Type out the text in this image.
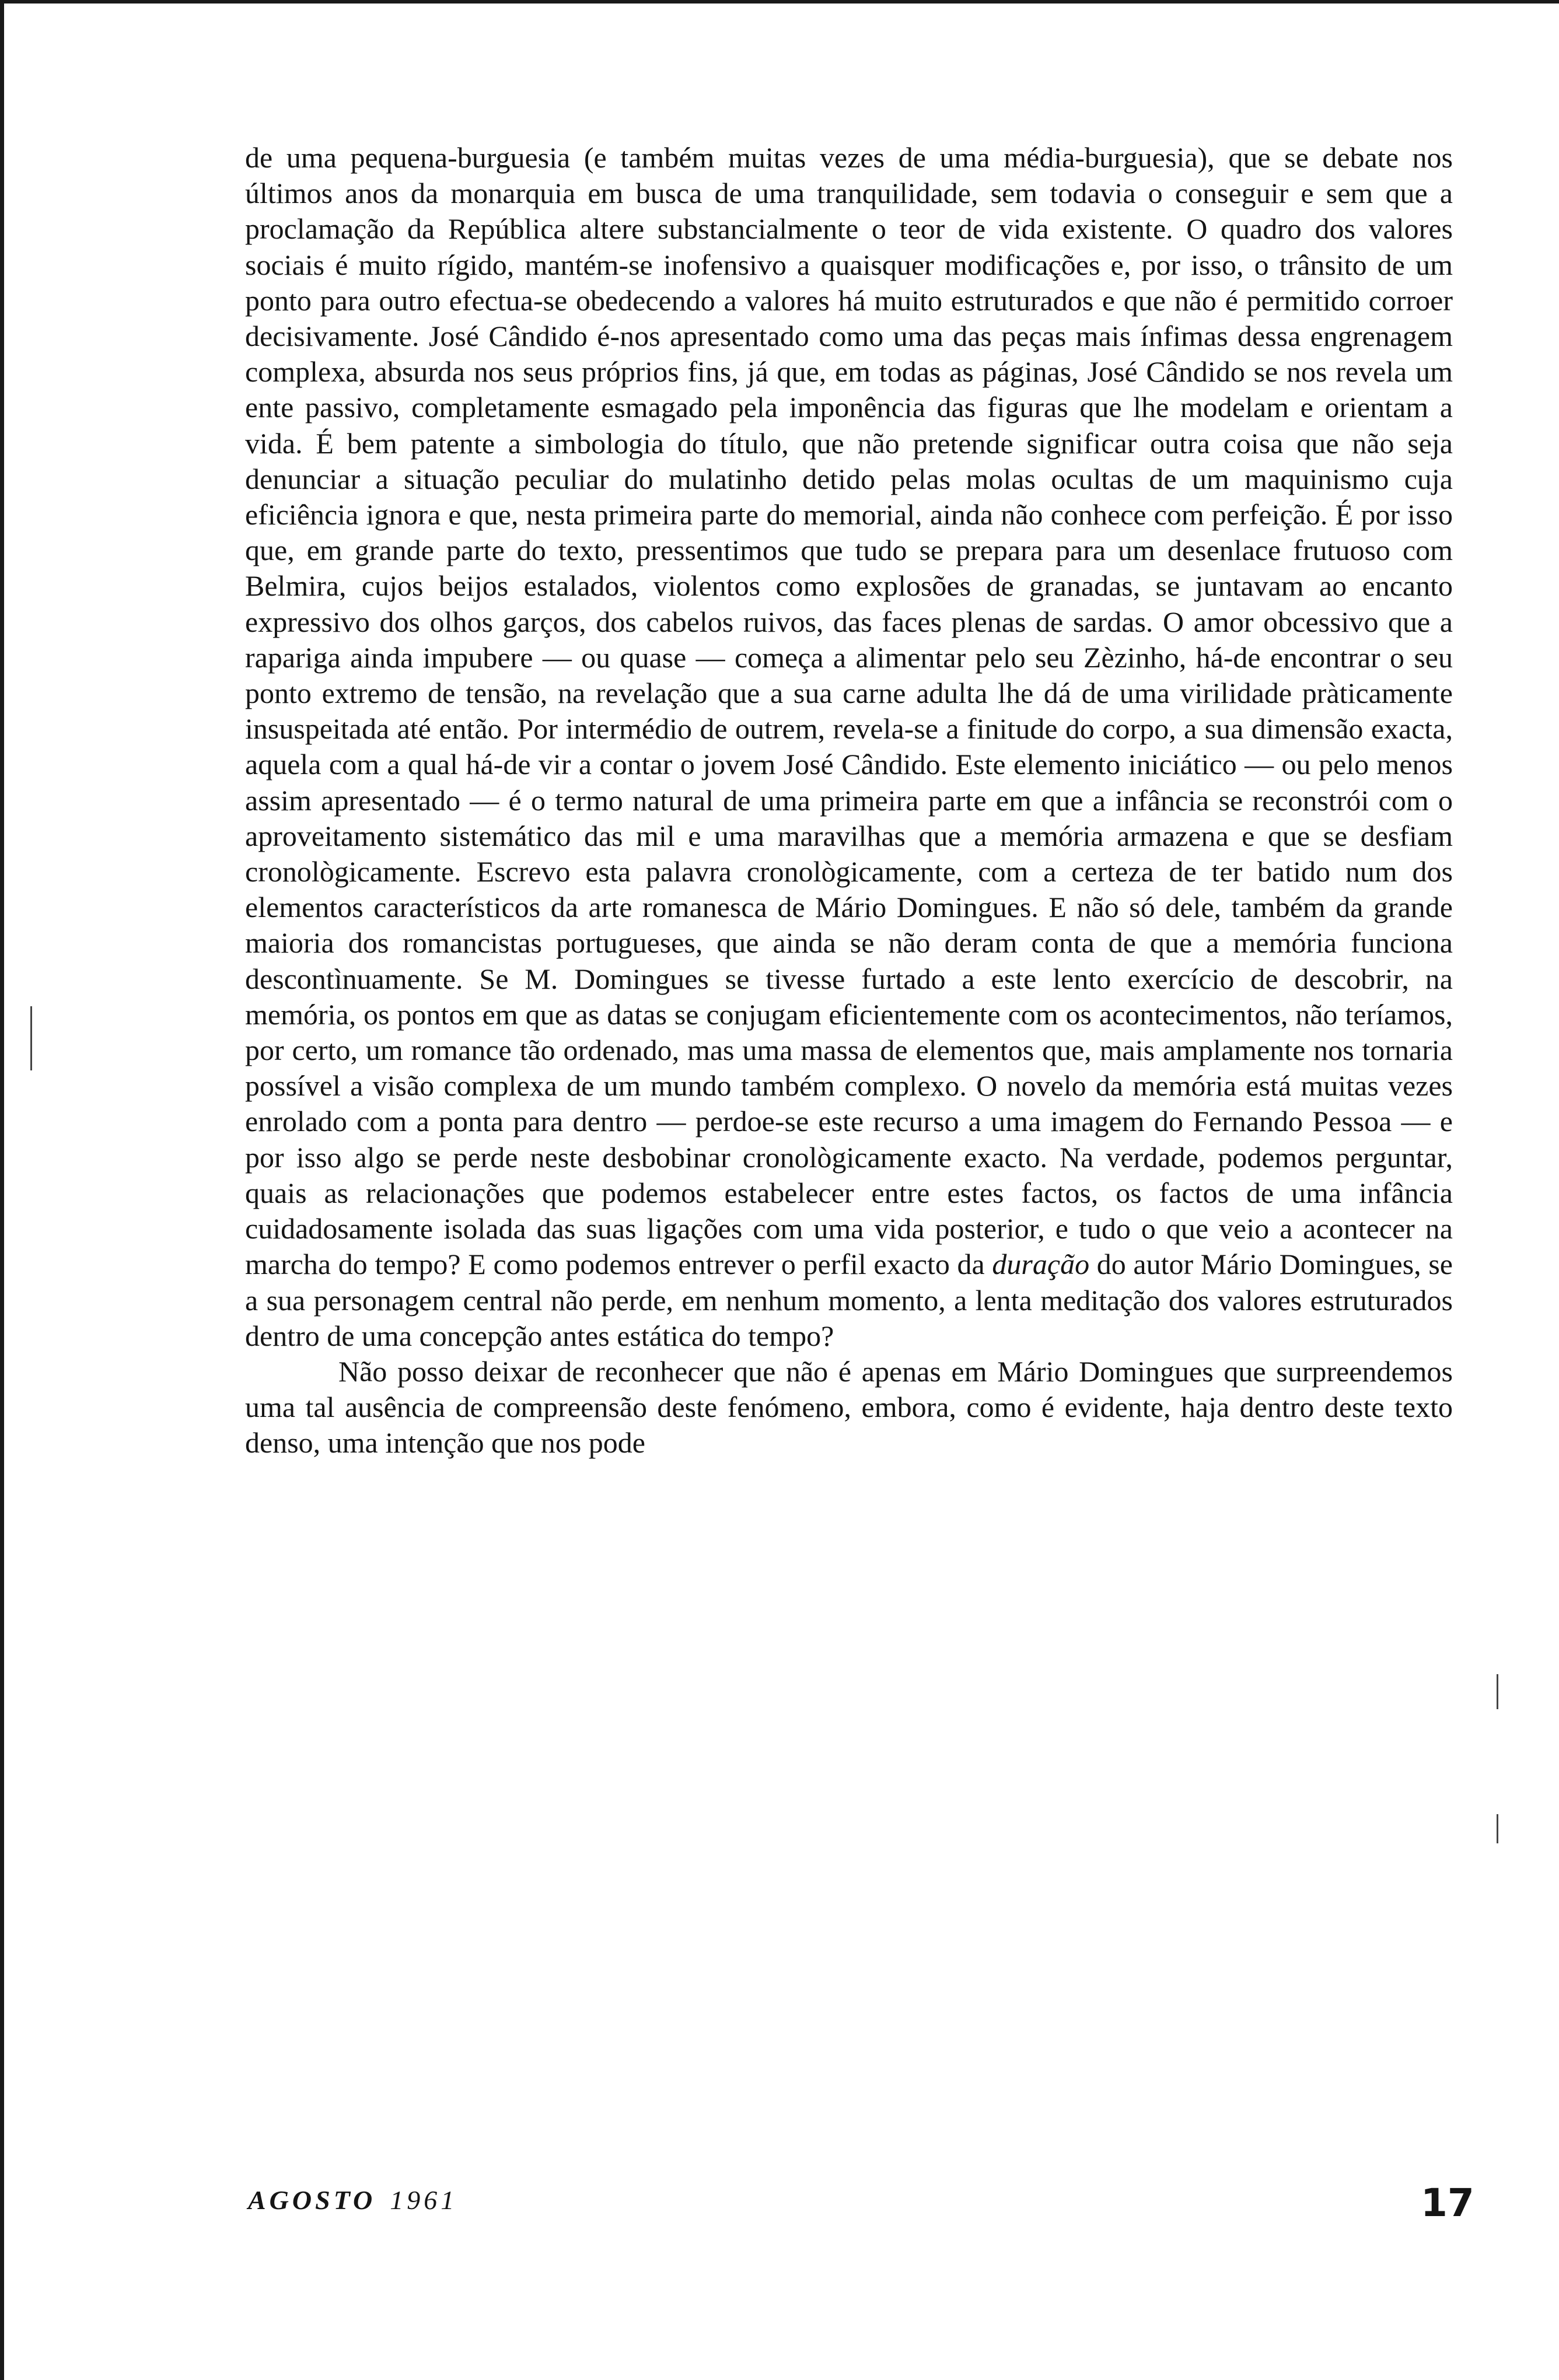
de uma pequena-burguesia (e também muitas vezes de uma média-burguesia), que se debate nos últimos anos da monarquia em busca de uma tranquilidade, sem todavia o conseguir e sem que a proclamação da República altere substancialmente o teor de vida existente. O quadro dos valores sociais é muito rígido, mantém-se inofensivo a quaisquer modificações e, por isso, o trânsito de um ponto para outro efectua-se obedecendo a valores há muito estruturados e que não é permitido corroer decisivamente. José Cândido é-nos apresentado como uma das peças mais ínfimas dessa engrenagem complexa, absurda nos seus próprios fins, já que, em todas as páginas, José Cândido se nos revela um ente passivo, completamente esmagado pela imponência das figuras que lhe modelam e orientam a vida. É bem patente a simbologia do título, que não pretende significar outra coisa que não seja denunciar a situação peculiar do mulatinho detido pelas molas ocultas de um maquinismo cuja eficiência ignora e que, nesta primeira parte do memorial, ainda não conhece com perfeição. É por isso que, em grande parte do texto, pressentimos que tudo se prepara para um desenlace frutuoso com Belmira, cujos beijos estalados, violentos como explosões de granadas, se juntavam ao encanto expressivo dos olhos garços, dos cabelos ruivos, das faces plenas de sardas. O amor obcessivo que a rapariga ainda impubere — ou quase — começa a alimentar pelo seu Zèzinho, há-de encontrar o seu ponto extremo de tensão, na revelação que a sua carne adulta lhe dá de uma virilidade pràticamente insuspeitada até então. Por intermédio de outrem, revela-se a finitude do corpo, a sua dimensão exacta, aquela com a qual há-de vir a contar o jovem José Cândido. Este elemento iniciático — ou pelo menos assim apresentado — é o termo natural de uma primeira parte em que a infância se reconstrói com o aproveitamento sistemático das mil e uma maravilhas que a memória armazena e que se desfiam cronològicamente. Escrevo esta palavra cronològicamente, com a certeza de ter batido num dos elementos característicos da arte romanesca de Mário Domingues. E não só dele, também da grande maioria dos romancistas portugueses, que ainda se não deram conta de que a memória funciona descontìnuamente. Se M. Domingues se tivesse furtado a este lento exercício de descobrir, na memória, os pontos em que as datas se conjugam eficientemente com os acontecimentos, não teríamos, por certo, um romance tão ordenado, mas uma massa de elementos que, mais amplamente nos tornaria possível a visão complexa de um mundo também complexo. O novelo da memória está muitas vezes enrolado com a ponta para dentro — perdoe-se este recurso a uma imagem do Fernando Pessoa — e por isso algo se perde neste desbobinar cronològicamente exacto. Na verdade, podemos perguntar, quais as relacionações que podemos estabelecer entre estes factos, os factos de uma infância cuidadosamente isolada das suas ligações com uma vida posterior, e tudo o que veio a acontecer na marcha do tempo? E como podemos entrever o perfil exacto da duração do autor Mário Domingues, se a sua personagem central não perde, em nenhum momento, a lenta meditação dos valores estruturados dentro de uma concepção antes estática do tempo?

Não posso deixar de reconhecer que não é apenas em Mário Domingues que surpreendemos uma tal ausência de compreensão deste fenómeno, embora, como é evidente, haja dentro deste texto denso, uma intenção que nos pode

AGOSTO 1961	17
